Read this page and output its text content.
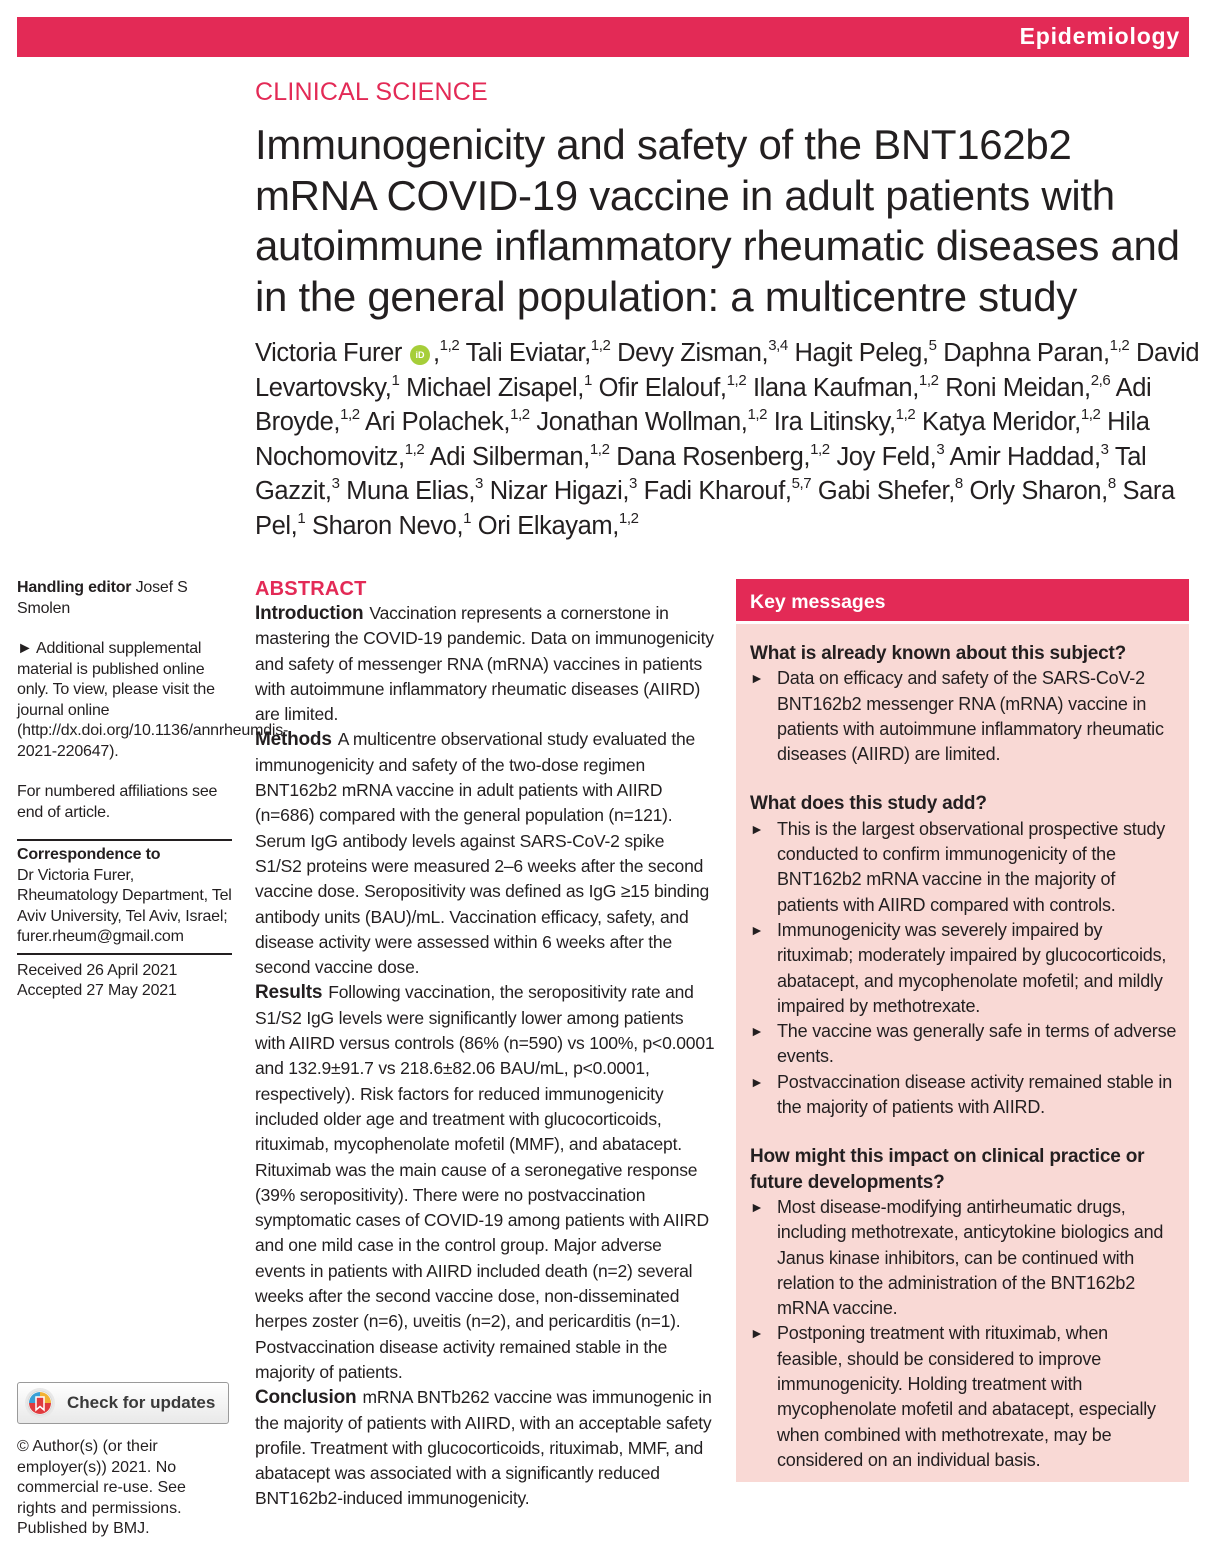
Epidemiology
CLINICAL SCIENCE
Immunogenicity and safety of the BNT162b2 mRNA COVID-19 vaccine in adult patients with autoimmune inflammatory rheumatic diseases and in the general population: a multicentre study
Victoria Furer iD ,$^{1,2}$ Tali Eviatar,$^{1,2}$ Devy Zisman,$^{3,4}$ Hagit Peleg,$^5$ Daphna Paran,$^{1,2}$ David Levartovsky,$^1$ Michael Zisapel,$^1$ Ofir Elalouf,$^{1,2}$ Ilana Kaufman,$^{1,2}$ Roni Meidan,$^{2,6}$ Adi Broyde,$^{1,2}$ Ari Polachek,$^{1,2}$ Jonathan Wollman,$^{1,2}$ Ira Litinsky,$^{1,2}$ Katya Meridor,$^{1,2}$ Hila Nochomovitz,$^{1,2}$ Adi Silberman,$^{1,2}$ Dana Rosenberg,$^{1,2}$ Joy Feld,$^3$ Amir Haddad,$^3$ Tal Gazzit,$^3$ Muna Elias,$^3$ Nizar Higazi,$^3$ Fadi Kharouf,$^{5,7}$ Gabi Shefer,$^8$ Orly Sharon,$^8$ Sara Pel,$^1$ Sharon Nevo,$^1$ Ori Elkayam,$^{1,2}$

Handling editor Josef S Smolen

► Additional supplemental material is published online only. To view, please visit the journal online (http://dx.doi.org/10.1136/annrheumdis-2021-220647).

For numbered affiliations see end of article.

Correspondence to
Dr Victoria Furer, Rheumatology Department, Tel Aviv University, Tel Aviv, Israel; furer.rheum@gmail.com
Received 26 April 2021
Accepted 27 May 2021
Check for updates
© Author(s) (or their employer(s)) 2021. No commercial re-use. See rights and permissions. Published by BMJ.
ABSTRACT
Introduction Vaccination represents a cornerstone in mastering the COVID-19 pandemic. Data on immunogenicity and safety of messenger RNA (mRNA) vaccines in patients with autoimmune inflammatory rheumatic diseases (AIIRD) are limited.
Methods A multicentre observational study evaluated the immunogenicity and safety of the two-dose regimen BNT162b2 mRNA vaccine in adult patients with AIIRD (n=686) compared with the general population (n=121). Serum IgG antibody levels against SARS-CoV-2 spike S1/S2 proteins were measured 2–6 weeks after the second vaccine dose. Seropositivity was defined as IgG ≥15 binding antibody units (BAU)/mL. Vaccination efficacy, safety, and disease activity were assessed within 6 weeks after the second vaccine dose.
Results Following vaccination, the seropositivity rate and S1/S2 IgG levels were significantly lower among patients with AIIRD versus controls (86% (n=590) vs 100%, p<0.0001 and 132.9±91.7 vs 218.6±82.06 BAU/mL, p<0.0001, respectively). Risk factors for reduced immunogenicity included older age and treatment with glucocorticoids, rituximab, mycophenolate mofetil (MMF), and abatacept. Rituximab was the main cause of a seronegative response (39% seropositivity). There were no postvaccination symptomatic cases of COVID-19 among patients with AIIRD and one mild case in the control group. Major adverse events in patients with AIIRD included death (n=2) several weeks after the second vaccine dose, non-disseminated herpes zoster (n=6), uveitis (n=2), and pericarditis (n=1). Postvaccination disease activity remained stable in the majority of patients.
Conclusion mRNA BNTb262 vaccine was immunogenic in the majority of patients with AIIRD, with an acceptable safety profile. Treatment with glucocorticoids, rituximab, MMF, and abatacept was associated with a significantly reduced BNT162b2-induced immunogenicity.
Key messages
What is already known about this subject?
► Data on efficacy and safety of the SARS-CoV-2 BNT162b2 messenger RNA (mRNA) vaccine in patients with autoimmune inflammatory rheumatic diseases (AIIRD) are limited.
What does this study add?
► This is the largest observational prospective study conducted to confirm immunogenicity of the BNT162b2 mRNA vaccine in the majority of patients with AIIRD compared with controls.
► Immunogenicity was severely impaired by rituximab; moderately impaired by glucocorticoids, abatacept, and mycophenolate mofetil; and mildly impaired by methotrexate.
► The vaccine was generally safe in terms of adverse events.
► Postvaccination disease activity remained stable in the majority of patients with AIIRD.
How might this impact on clinical practice or future developments?
► Most disease-modifying antirheumatic drugs, including methotrexate, anticytokine biologics and Janus kinase inhibitors, can be continued with relation to the administration of the BNT162b2 mRNA vaccine.
► Postponing treatment with rituximab, when feasible, should be considered to improve immunogenicity. Holding treatment with mycophenolate mofetil and abatacept, especially when combined with methotrexate, may be considered on an individual basis.
